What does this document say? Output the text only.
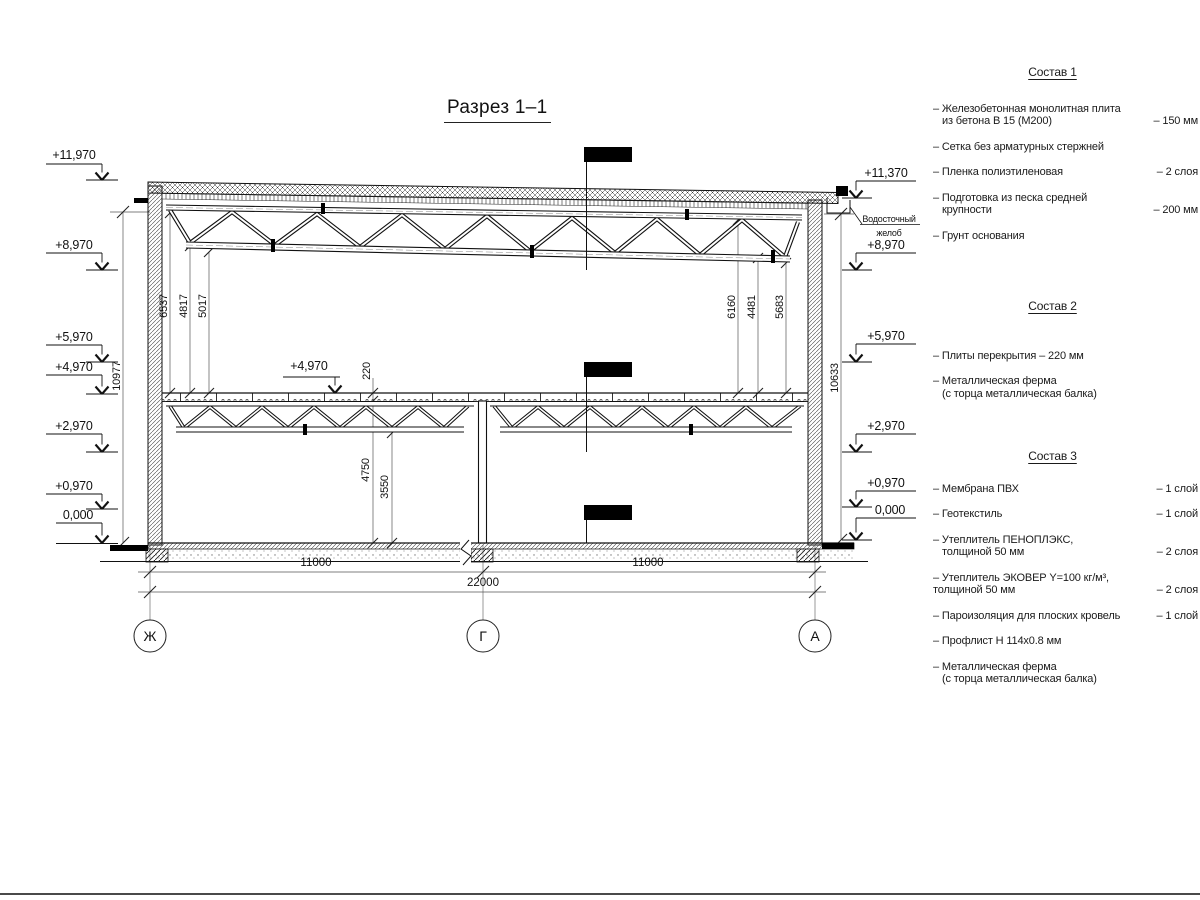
Разрез 1–1
+11,970
+8,970
+5,970
+4,970
+2,970
+0,970
0,000
+11,370
+8,970
+5,970
+2,970
+0,970
0,000
+4,970
Водосточный
желоб
10977	10633
6537 4817 5017	6160 4481 5683
220
4750
3550
11000
22000
11000
Ж	Г	А
Состав 1
– Железобетонная монолитная плита
из бетона В 15 (М200)	– 150 мм
– Сетка без арматурных стержней
– Пленка полиэтиленовая	– 2 слоя
– Подготовка из песка средней
крупности	– 200 мм
– Грунт основания
Состав 2
– Плиты перекрытия – 220 мм
– Металлическая ферма
(с торца металлическая балка)
Состав 3
– Мембрана ПВХ	– 1 слой
– Геотекстиль	– 1 слой
– Утеплитель ПЕНОПЛЭКС,
толщиной 50 мм	– 2 слоя
– Утеплитель ЭКОВЕР Y=100 кг/м³,
толщиной 50 мм	– 2 слоя
– Пароизоляция для плоских кровель	– 1 слой
– Профлист Н 114х0.8 мм
– Металлическая ферма
(с торца металлическая балка)
